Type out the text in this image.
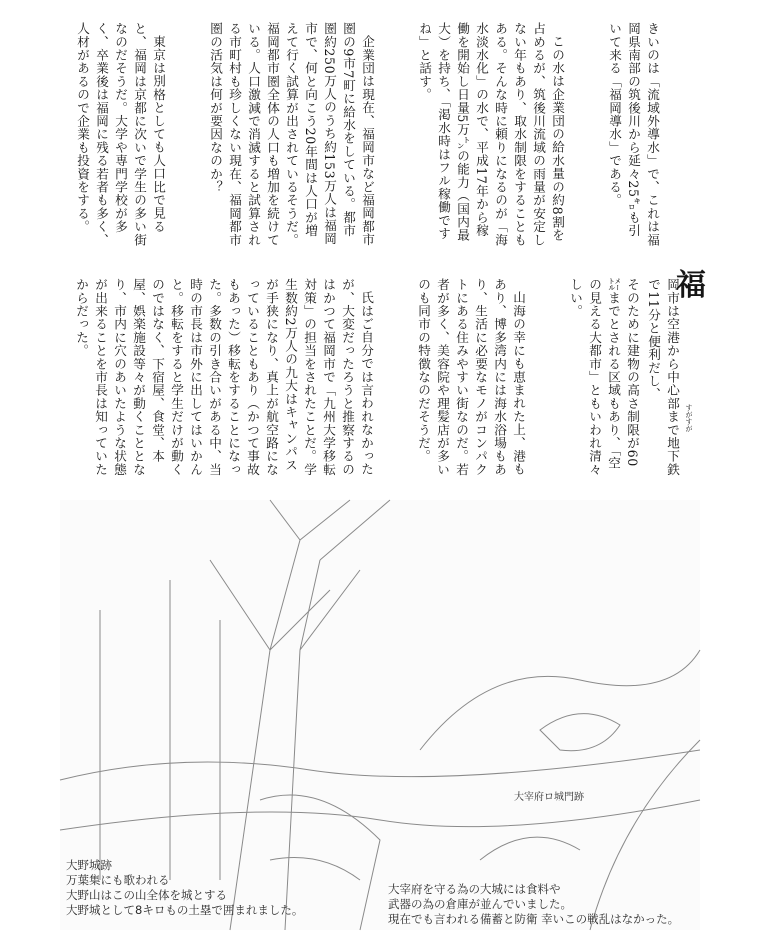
きいのは「流域外導水」で、これは福岡県南部の筑後川から延々25㌔も引いて来る「福岡導水」である。

この水は企業団の給水量の約8割を占めるが、筑後川流域の雨量が安定しない年もあり、取水制限をすることもある。そんな時に頼りになるのが「海水淡水化」の水で、平成17年から稼働を開始し日量5万㌧の能力（国内最大）を持ち、「渇水時はフル稼働ですね」と話す。

企業団は現在、福岡市など福岡都市圏の9市7町に給水をしている。都市圏約250万人のうち約153万人は福岡市で、何と向こう20年間は人口が増えて行く試算が出されているそうだ。福岡都市圏全体の人口も増加を続けている。人口激減で消滅すると試算される市町村も珍しくない現在、福岡都市圏の活気は何が要因なのか？

東京は別格としても人口比で見ると、福岡は京都に次いで学生の多い街なのだそうだ。大学や専門学校が多く、卒業後は福岡に残る若者も多く、人材があるので企業も投資をする。

福

岡市は空港から中心部まで地下鉄で11分と便利だし、

そのために建物の高さ制限が60㍍までとされる区域もあり、「空の見える大都市」ともいわれ清々しい。

山海の幸にも恵まれた上、港もあり、博多湾内には海水浴場もあり、生活に必要なモノがコンパクトにある住みやすい街なのだ。若者が多く、美容院や理髪店が多いのも同市の特徴なのだそうだ。

氏はご自分では言われなかったが、大変だったろうと推察するのはかつて福岡市で「九州大学移転対策」の担当をされたことだ。学生数約2万人の九大はキャンパスが手狭になり、真上が航空路になっていることもあり（かつて事故もあった）移転をすることになった。多数の引き合いがある中、当時の市長は市外に出してはいかんと。移転をすると学生だけが動くのではなく、下宿屋、食堂、本屋、娯楽施設等々が動くこととなり、市内に穴のあいたような状態が出来ることを市長は知っていたからだった。

すがすが
大野城跡
万葉集にも歌われる
大野山はこの山全体を城とする
大野城として8キロもの土塁で囲まれました。
大宰府を守る為の大城には食料や
武器の為の倉庫が並んでいました。
現在でも言われる備蓄と防衛 幸いこの戦乱はなかった。
大宰府ロ城門跡
